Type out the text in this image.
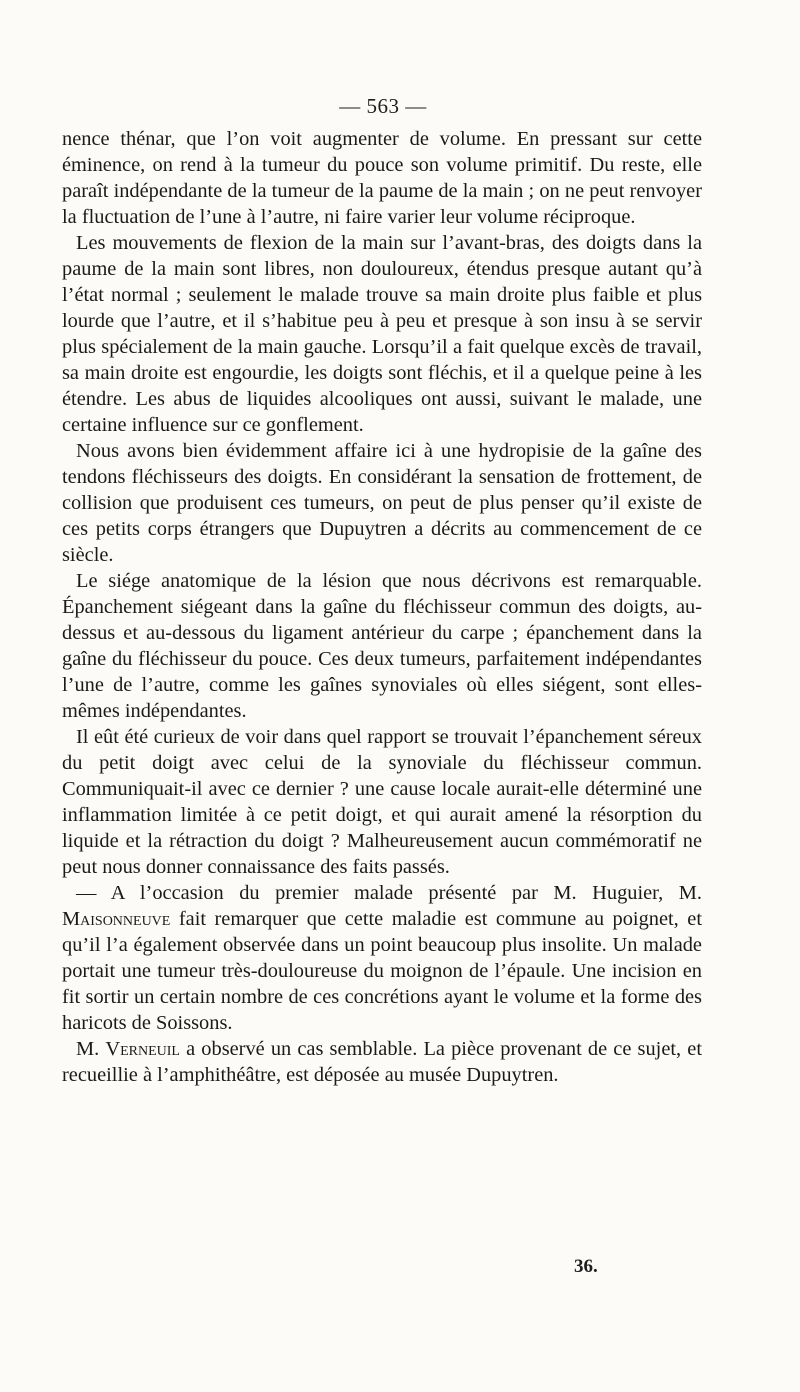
— 563 —

nence thénar, que l’on voit augmenter de volume. En pressant sur cette éminence, on rend à la tumeur du pouce son volume primitif. Du reste, elle paraît indépendante de la tumeur de la paume de la main ; on ne peut renvoyer la fluctuation de l’une à l’autre, ni faire varier leur volume réciproque.

Les mouvements de flexion de la main sur l’avant-bras, des doigts dans la paume de la main sont libres, non douloureux, étendus presque autant qu’à l’état normal ; seulement le malade trouve sa main droite plus faible et plus lourde que l’autre, et il s’habitue peu à peu et presque à son insu à se servir plus spécialement de la main gauche. Lorsqu’il a fait quelque excès de travail, sa main droite est engourdie, les doigts sont fléchis, et il a quelque peine à les étendre. Les abus de liquides alcooliques ont aussi, suivant le malade, une certaine influence sur ce gonflement.

Nous avons bien évidemment affaire ici à une hydropisie de la gaîne des tendons fléchisseurs des doigts. En considérant la sensation de frottement, de collision que produisent ces tumeurs, on peut de plus penser qu’il existe de ces petits corps étrangers que Dupuytren a décrits au commencement de ce siècle.

Le siége anatomique de la lésion que nous décrivons est remarquable. Épanchement siégeant dans la gaîne du fléchisseur commun des doigts, au-dessus et au-dessous du ligament antérieur du carpe ; épanchement dans la gaîne du fléchisseur du pouce. Ces deux tumeurs, parfaitement indépendantes l’une de l’autre, comme les gaînes synoviales où elles siégent, sont elles-mêmes indépendantes.

Il eût été curieux de voir dans quel rapport se trouvait l’épanchement séreux du petit doigt avec celui de la synoviale du fléchisseur commun. Communiquait-il avec ce dernier ? une cause locale aurait-elle déterminé une inflammation limitée à ce petit doigt, et qui aurait amené la résorption du liquide et la rétraction du doigt ? Malheureusement aucun commémoratif ne peut nous donner connaissance des faits passés.

— A l’occasion du premier malade présenté par M. Huguier, M. Maisonneuve fait remarquer que cette maladie est commune au poignet, et qu’il l’a également observée dans un point beaucoup plus insolite. Un malade portait une tumeur très-douloureuse du moignon de l’épaule. Une incision en fit sortir un certain nombre de ces concrétions ayant le volume et la forme des haricots de Soissons.

M. Verneuil a observé un cas semblable. La pièce provenant de ce sujet, et recueillie à l’amphithéâtre, est déposée au musée Dupuytren.

36.
